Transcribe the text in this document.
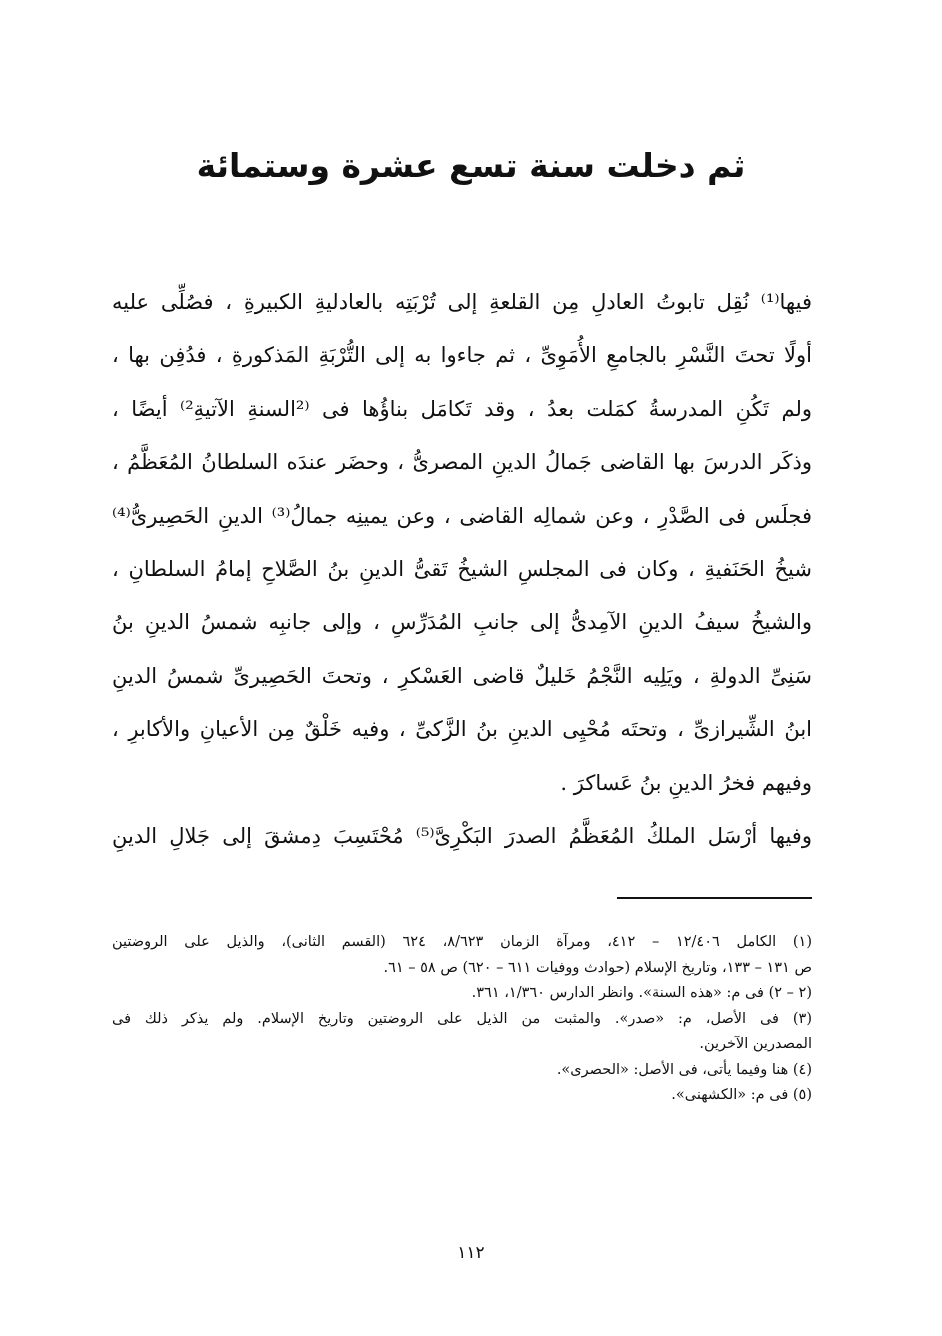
ثم دخلت سنة تسع عشرة وستمائة
فيها⁽¹⁾ نُقِل تابوتُ العادلِ مِن القلعةِ إلى تُرْبَتِه بالعادليةِ الكبيرةِ ، فصُلِّى عليه
أولًا تحتَ النَّسْرِ بالجامعِ الأُمَوِىِّ ، ثم جاءوا به إلى التُّرْبَةِ المَذكورةِ ، فدُفِن بها ،
ولم تَكُنِ المدرسةُ كمَلت بعدُ ، وقد تَكامَل بناؤُها فى ⁽²السنةِ الآتيةِ²⁾ أيضًا ،
وذكَر الدرسَ بها القاضى جَمالُ الدينِ المصرىُّ ، وحضَر عندَه السلطانُ المُعَظَّمُ ،
فجلَس فى الصَّدْرِ ، وعن شمالِه القاضى ، وعن يمينِه جمالُ⁽³⁾ الدينِ الحَصِيرىُّ⁽⁴⁾
شيخُ الحَنَفيةِ ، وكان فى المجلسِ الشيخُ تَقىُّ الدينِ بنُ الصَّلاحِ إمامُ السلطانِ ،
والشيخُ سيفُ الدينِ الآمِدىُّ إلى جانبِ المُدَرِّسِ ، وإلى جانبِه شمسُ الدينِ بنُ
سَنِىِّ الدولةِ ، ويَلِيه النَّجْمُ خَليلٌ قاضى العَسْكرِ ، وتحتَ الحَصِيرىِّ شمسُ الدينِ
ابنُ الشِّيرازىِّ ، وتحتَه مُحْيِى الدينِ بنُ الزَّكىِّ ، وفيه خَلْقٌ مِن الأعيانِ والأكابرِ ،
وفيهم فخرُ الدينِ بنُ عَساكرَ .
وفيها أرْسَل الملكُ المُعَظَّمُ الصدرَ البَكْرِىَّ⁽⁵⁾ مُحْتَسِبَ دِمشقَ إلى جَلالِ الدينِ
(١) الكامل ١٢/٤٠٦ – ٤١٢، ومرآة الزمان ٨/٦٢٣، ٦٢٤ (القسم الثانى)، والذيل على الروضتين
ص ١٣١ – ١٣٣، وتاريخ الإسلام (حوادث ووفيات ٦١١ – ٦٢٠) ص ٥٨ – ٦١.
(٢ – ٢) فى م: «هذه السنة». وانظر الدارس ١/٣٦٠، ٣٦١.
(٣) فى الأصل، م: «صدر». والمثبت من الذيل على الروضتين وتاريخ الإسلام. ولم يذكر ذلك فى
المصدرين الآخرين.
(٤) هنا وفيما يأتى، فى الأصل: «الحصرى».
(٥) فى م: «الكشهنى».
١١٢
